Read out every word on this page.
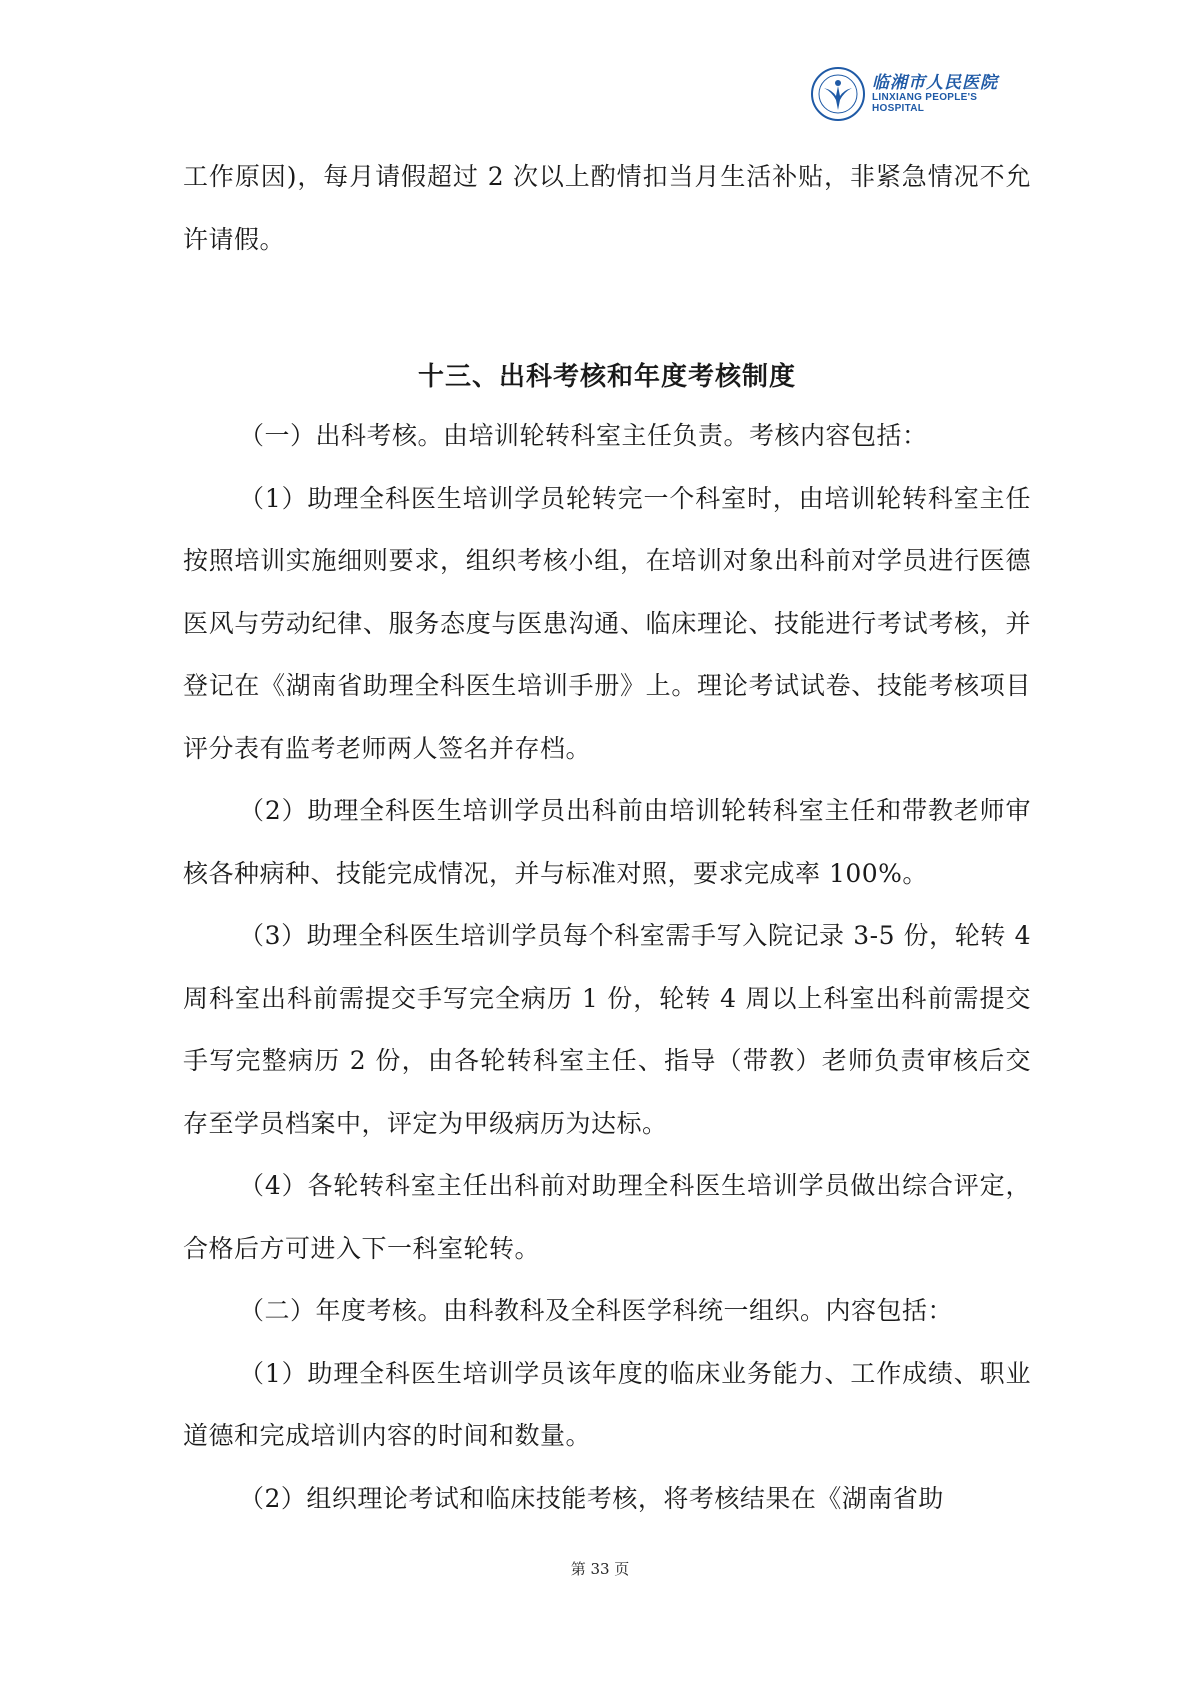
临湘市人民医院
LINXIANG PEOPLE'S HOSPITAL

工作原因)，每月请假超过 2 次以上酌情扣当月生活补贴，非紧急情况不允许请假。

十三、出科考核和年度考核制度

（一）出科考核。由培训轮转科室主任负责。考核内容包括：

（1）助理全科医生培训学员轮转完一个科室时，由培训轮转科室主任按照培训实施细则要求，组织考核小组，在培训对象出科前对学员进行医德医风与劳动纪律、服务态度与医患沟通、临床理论、技能进行考试考核，并登记在《湖南省助理全科医生培训手册》上。理论考试试卷、技能考核项目评分表有监考老师两人签名并存档。

（2）助理全科医生培训学员出科前由培训轮转科室主任和带教老师审核各种病种、技能完成情况，并与标准对照，要求完成率 100%。

（3）助理全科医生培训学员每个科室需手写入院记录 3-5 份，轮转 4 周科室出科前需提交手写完全病历 1 份，轮转 4 周以上科室出科前需提交手写完整病历 2 份，由各轮转科室主任、指导（带教）老师负责审核后交存至学员档案中，评定为甲级病历为达标。

（4）各轮转科室主任出科前对助理全科医生培训学员做出综合评定，合格后方可进入下一科室轮转。

（二）年度考核。由科教科及全科医学科统一组织。内容包括：

（1）助理全科医生培训学员该年度的临床业务能力、工作成绩、职业道德和完成培训内容的时间和数量。

（2）组织理论考试和临床技能考核，将考核结果在《湖南省助

第 33 页
